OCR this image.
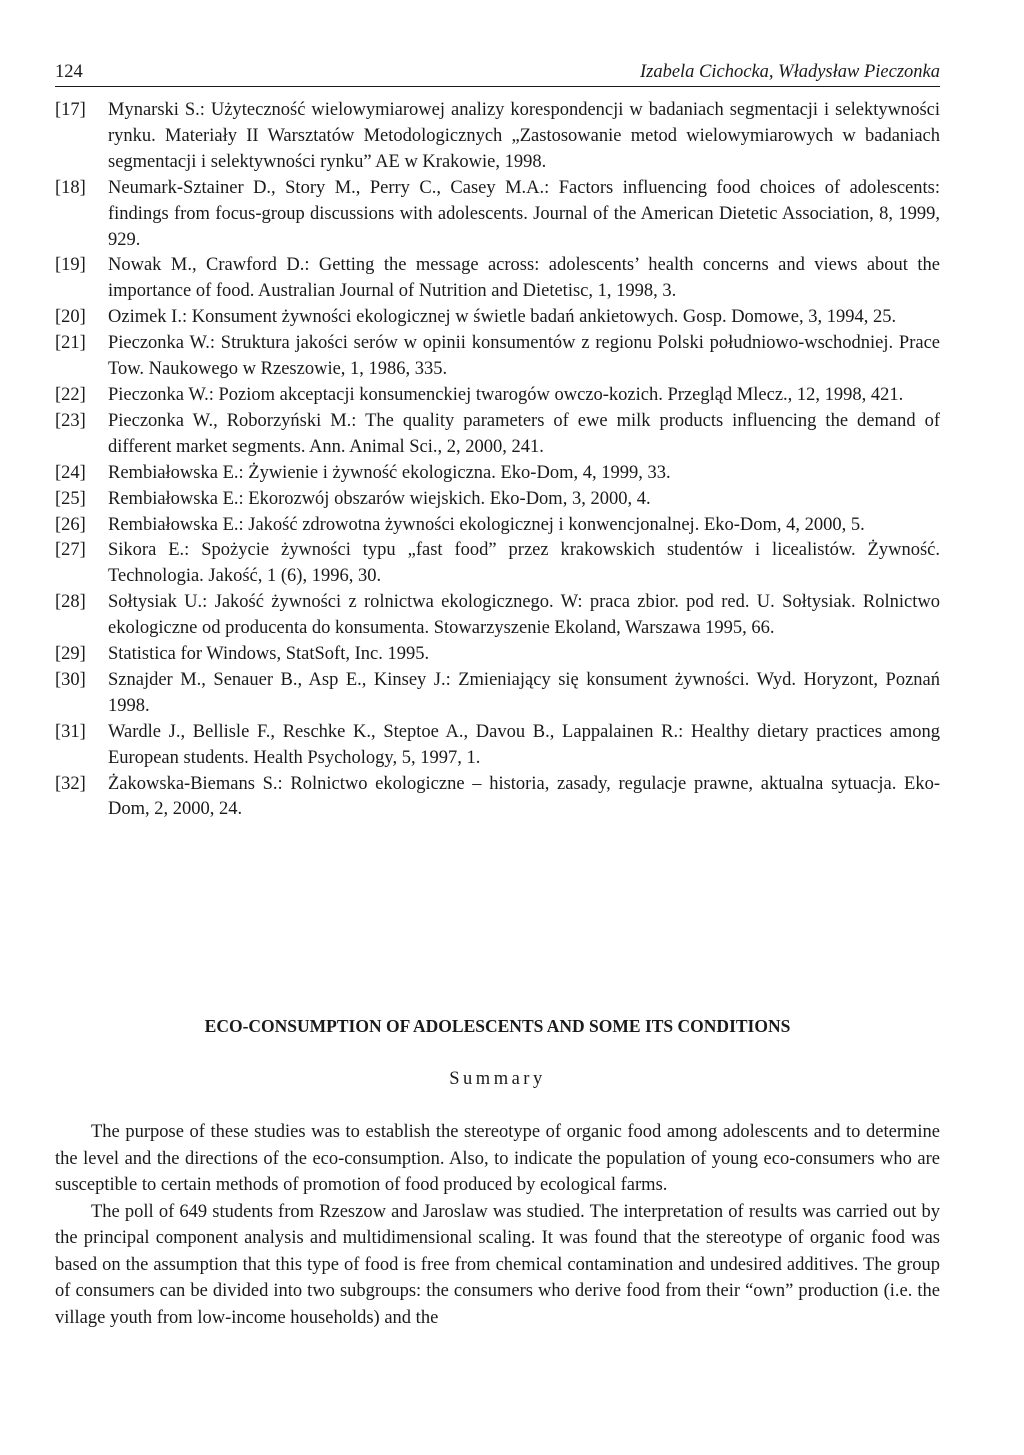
124	Izabela Cichocka, Władysław Pieczonka
[17] Mynarski S.: Użyteczność wielowymiarowej analizy korespondencji w badaniach segmentacji i selektywności rynku. Materiały II Warsztatów Metodologicznych „Zastosowanie metod wielowymiarowych w badaniach segmentacji i selektywności rynku” AE w Krakowie, 1998.
[18] Neumark-Sztainer D., Story M., Perry C., Casey M.A.: Factors influencing food choices of adolescents: findings from focus-group discussions with adolescents. Journal of the American Dietetic Association, 8, 1999, 929.
[19] Nowak M., Crawford D.: Getting the message across: adolescents’ health concerns and views about the importance of food. Australian Journal of Nutrition and Dietetisc, 1, 1998, 3.
[20] Ozimek I.: Konsument żywności ekologicznej w świetle badań ankietowych. Gosp. Domowe, 3, 1994, 25.
[21] Pieczonka W.: Struktura jakości serów w opinii konsumentów z regionu Polski południowo-wschodniej. Prace Tow. Naukowego w Rzeszowie, 1, 1986, 335.
[22] Pieczonka W.: Poziom akceptacji konsumenckiej twarogów owczo-kozich. Przegląd Mlecz., 12, 1998, 421.
[23] Pieczonka W., Roborzyński M.: The quality parameters of ewe milk products influencing the demand of different market segments. Ann. Animal Sci., 2, 2000, 241.
[24] Rembiałowska E.: Żywienie i żywność ekologiczna. Eko-Dom, 4, 1999, 33.
[25] Rembiałowska E.: Ekorozwój obszarów wiejskich. Eko-Dom, 3, 2000, 4.
[26] Rembiałowska E.: Jakość zdrowotna żywności ekologicznej i konwencjonalnej. Eko-Dom, 4, 2000, 5.
[27] Sikora E.: Spożycie żywności typu „fast food” przez krakowskich studentów i licealistów. Żywność. Technologia. Jakość, 1 (6), 1996, 30.
[28] Sołtysiak U.: Jakość żywności z rolnictwa ekologicznego. W: praca zbior. pod red. U. Sołtysiak. Rolnictwo ekologiczne od producenta do konsumenta. Stowarzyszenie Ekoland, Warszawa 1995, 66.
[29] Statistica for Windows, StatSoft, Inc. 1995.
[30] Sznajder M., Senauer B., Asp E., Kinsey J.: Zmieniający się konsument żywności. Wyd. Horyzont, Poznań 1998.
[31] Wardle J., Bellisle F., Reschke K., Steptoe A., Davou B., Lappalainen R.: Healthy dietary practices among European students. Health Psychology, 5, 1997, 1.
[32] Żakowska-Biemans S.: Rolnictwo ekologiczne – historia, zasady, regulacje prawne, aktualna sytuacja. Eko-Dom, 2, 2000, 24.
ECO-CONSUMPTION OF ADOLESCENTS AND SOME ITS CONDITIONS
Summary

The purpose of these studies was to establish the stereotype of organic food among adolescents and to determine the level and the directions of the eco-consumption. Also, to indicate the population of young eco-consumers who are susceptible to certain methods of promotion of food produced by ecological farms.

The poll of 649 students from Rzeszow and Jaroslaw was studied. The interpretation of results was carried out by the principal component analysis and multidimensional scaling. It was found that the stereotype of organic food was based on the assumption that this type of food is free from chemical contamination and undesired additives. The group of consumers can be divided into two subgroups: the consumers who derive food from their “own” production (i.e. the village youth from low-income households) and the
